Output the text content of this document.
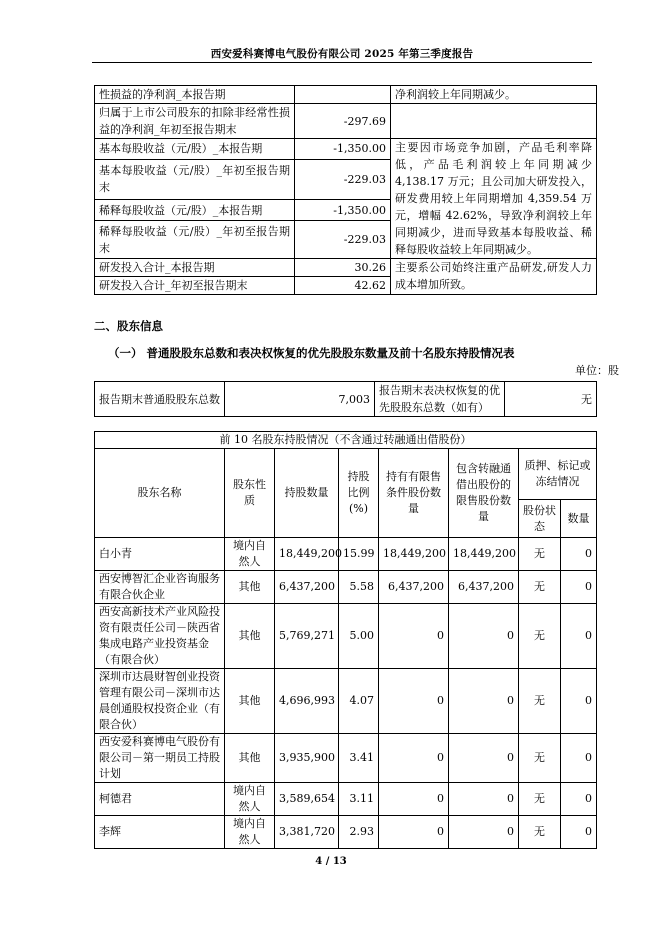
西安爱科赛博电气股份有限公司 2025 年第三季度报告
性损益的净利润_本报告期		净利润较上年同期减少。
归属于上市公司股东的扣除非经常性损益的净利润_年初至报告期末	-297.69	
基本每股收益（元/股）_本报告期	-1,350.00	主要因市场竞争加剧，产品毛利率降低，产品毛利润较上年同期减少4,138.17 万元；且公司加大研发投入，研发费用较上年同期增加 4,359.54 万元，增幅 42.62%，导致净利润较上年同期减少，进而导致基本每股收益、稀释每股收益较上年同期减少。
基本每股收益（元/股）_年初至报告期末	-229.03	
稀释每股收益（元/股）_本报告期	-1,350.00	
稀释每股收益（元/股）_年初至报告期末	-229.03	
研发投入合计_本报告期	30.26	主要系公司始终注重产品研发,研发人力成本增加所致。
研发投入合计_年初至报告期末	42.62	
二、股东信息
（一） 普通股股东总数和表决权恢复的优先股股东数量及前十名股东持股情况表
单位：股
报告期末普通股股东总数	7,003	报告期末表决权恢复的优先股股东总数（如有）	无
前 10 名股东持股情况（不含通过转融通出借股份）							
股东名称	股东性质	持股数量	持股比例(%)	持有有限售条件股份数量	包含转融通借出股份的限售股份数量	质押、标记或冻结情况	
						股份状态	数量
白小青	境内自然人	18,449,200	15.99	18,449,200	18,449,200	无	0
西安博智汇企业咨询服务有限合伙企业	其他	6,437,200	5.58	6,437,200	6,437,200	无	0
西安高新技术产业风险投资有限责任公司－陕西省集成电路产业投资基金（有限合伙）	其他	5,769,271	5.00	0	0	无	0
深圳市达晨财智创业投资管理有限公司－深圳市达晨创通股权投资企业（有限合伙）	其他	4,696,993	4.07	0	0	无	0
西安爱科赛博电气股份有限公司－第一期员工持股计划	其他	3,935,900	3.41	0	0	无	0
柯德君	境内自然人	3,589,654	3.11	0	0	无	0
李辉	境内自然人	3,381,720	2.93	0	0	无	0
4 / 13
